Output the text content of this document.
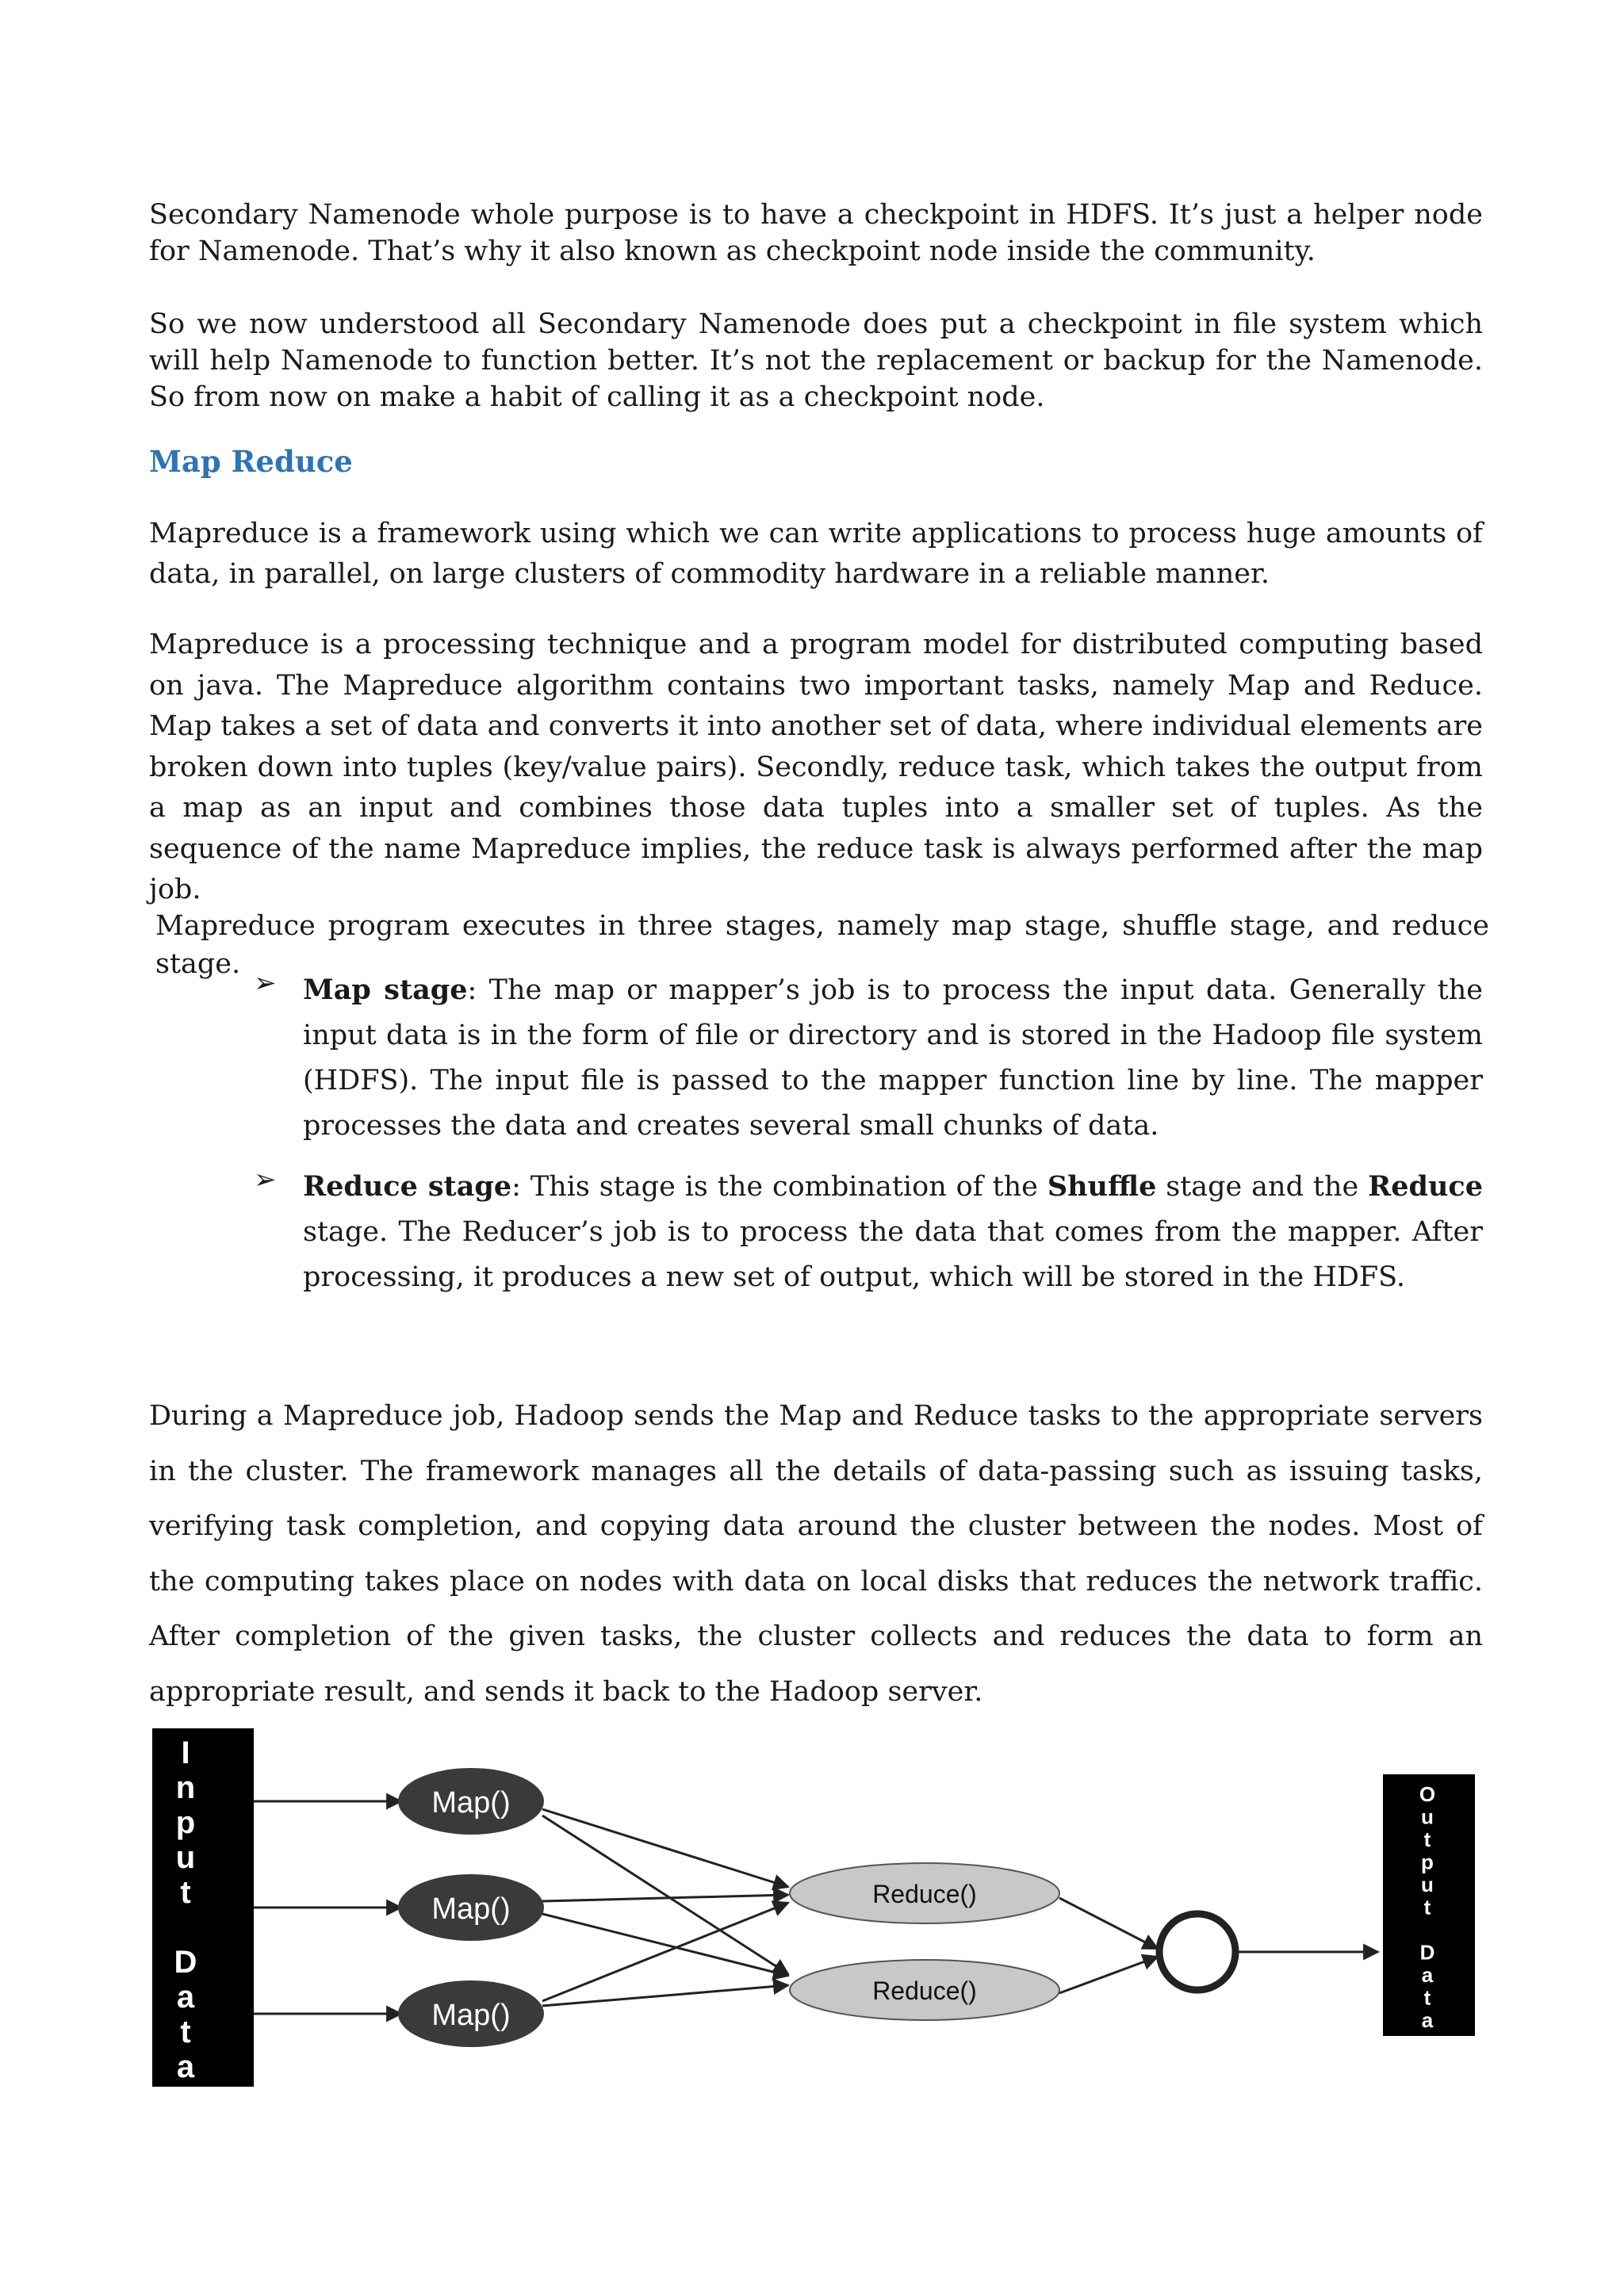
Secondary Namenode whole purpose is to have a checkpoint in HDFS. It’s just a helper node for Namenode. That’s why it also known as checkpoint node inside the community.

So we now understood all Secondary Namenode does put a checkpoint in file system which will help Namenode to function better. It’s not the replacement or backup for the Namenode. So from now on make a habit of calling it as a checkpoint node.

Map Reduce

Mapreduce is a framework using which we can write applications to process huge amounts of data, in parallel, on large clusters of commodity hardware in a reliable manner.

Mapreduce is a processing technique and a program model for distributed computing based on java. The Mapreduce algorithm contains two important tasks, namely Map and Reduce. Map takes a set of data and converts it into another set of data, where individual elements are broken down into tuples (key/value pairs). Secondly, reduce task, which takes the output from a map as an input and combines those data tuples into a smaller set of tuples. As the sequence of the name Mapreduce implies, the reduce task is always performed after the map job.

Mapreduce program executes in three stages, namely map stage, shuffle stage, and reduce stage.

➢ Map stage: The map or mapper’s job is to process the input data. Generally the input data is in the form of file or directory and is stored in the Hadoop file system (HDFS). The input file is passed to the mapper function line by line. The mapper processes the data and creates several small chunks of data.

➢ Reduce stage: This stage is the combination of the Shuffle stage and the Reduce stage. The Reducer’s job is to process the data that comes from the mapper. After processing, it produces a new set of output, which will be stored in the HDFS.

During a Mapreduce job, Hadoop sends the Map and Reduce tasks to the appropriate servers in the cluster. The framework manages all the details of data-passing such as issuing tasks, verifying task completion, and copying data around the cluster between the nodes. Most of the computing takes place on nodes with data on local disks that reduces the network traffic. After completion of the given tasks, the cluster collects and reduces the data to form an appropriate result, and sends it back to the Hadoop server.

I
n
p
u
t
D
a
t
a
O
u
t
p
u
t
D
a
t
a
Map()
Map()
Map()
Reduce()
Reduce()
